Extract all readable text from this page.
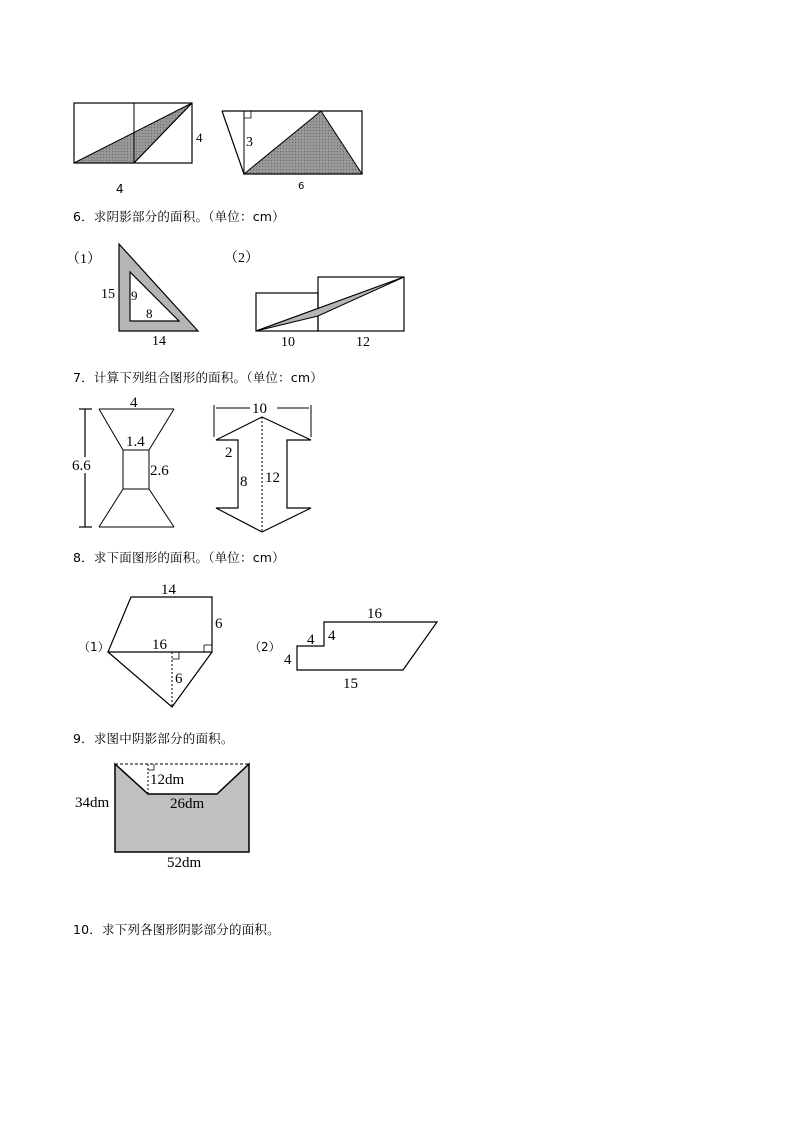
4
4
3
6
6．求阴影部分的面积。（单位：cm）
（1）
15 9
8
14
（2）
10	12
7．计算下列组合图形的面积。（单位：cm）
4
1.4
2.6
6.6
10
2
8 12
8．求下面图形的面积。（单位：cm）
（1）
14
6
16
6
（2）
16
4
4
4
15
9．求图中阴影部分的面积。
12dm
26dm
34dm
52dm
10．求下列各图形阴影部分的面积。
